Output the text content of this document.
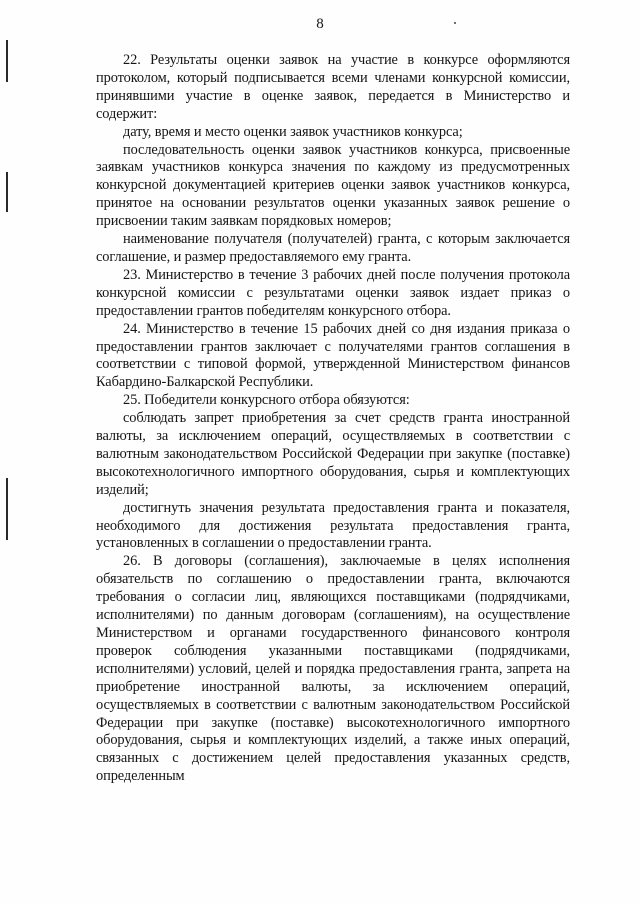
8

22. Результаты оценки заявок на участие в конкурсе оформляются протоколом, который подписывается всеми членами конкурсной комиссии, принявшими участие в оценке заявок, передается в Министерство и содержит:

дату, время и место оценки заявок участников конкурса;

последовательность оценки заявок участников конкурса, присвоенные заявкам участников конкурса значения по каждому из предусмотренных конкурсной документацией критериев оценки заявок участников конкурса, принятое на основании результатов оценки указанных заявок решение о присвоении таким заявкам порядковых номеров;

наименование получателя (получателей) гранта, с которым заключается соглашение, и размер предоставляемого ему гранта.

23. Министерство в течение 3 рабочих дней после получения протокола конкурсной комиссии с результатами оценки заявок издает приказ о предоставлении грантов победителям конкурсного отбора.

24. Министерство в течение 15 рабочих дней со дня издания приказа о предоставлении грантов заключает с получателями грантов соглашения в соответствии с типовой формой, утвержденной Министерством финансов Кабардино-Балкарской Республики.

25. Победители конкурсного отбора обязуются:

соблюдать запрет приобретения за счет средств гранта иностранной валюты, за исключением операций, осуществляемых в соответствии с валютным законодательством Российской Федерации при закупке (поставке) высокотехнологичного импортного оборудования, сырья и комплектующих изделий;

достигнуть значения результата предоставления гранта и показателя, необходимого для достижения результата предоставления гранта, установленных в соглашении о предоставлении гранта.

26. В договоры (соглашения), заключаемые в целях исполнения обязательств по соглашению о предоставлении гранта, включаются требования о согласии лиц, являющихся поставщиками (подрядчиками, исполнителями) по данным договорам (соглашениям), на осуществление Министерством и органами государственного финансового контроля проверок соблюдения указанными поставщиками (подрядчиками, исполнителями) условий, целей и порядка предоставления гранта, запрета на приобретение иностранной валюты, за исключением операций, осуществляемых в соответствии с валютным законодательством Российской Федерации при закупке (поставке) высокотехнологичного импортного оборудования, сырья и комплектующих изделий, а также иных операций, связанных с достижением целей предоставления указанных средств, определенным
